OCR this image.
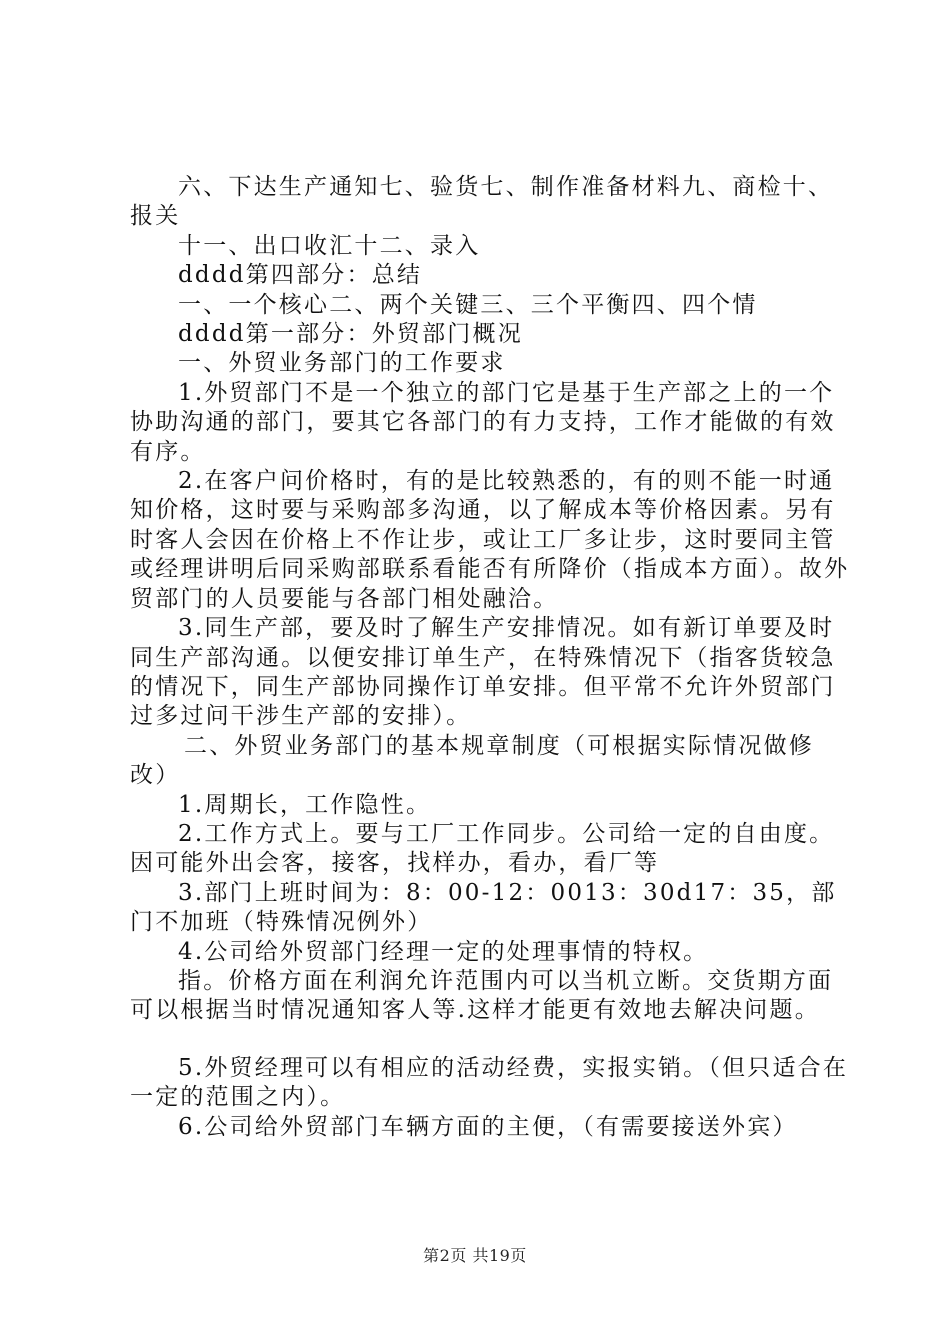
六、下达生产通知七、验货七、制作准备材料九、商检十、报关

十一、出口收汇十二、录入

dddd第四部分：总结

一、一个核心二、两个关键三、三个平衡四、四个情

dddd第一部分：外贸部门概况

一、外贸业务部门的工作要求

1.外贸部门不是一个独立的部门它是基于生产部之上的一个协助沟通的部门，要其它各部门的有力支持，工作才能做的有效有序。

2.在客户问价格时，有的是比较熟悉的，有的则不能一时通知价格，这时要与采购部多沟通，以了解成本等价格因素。另有时客人会因在价格上不作让步，或让工厂多让步，这时要同主管或经理讲明后同采购部联系看能否有所降价（指成本方面）。故外贸部门的人员要能与各部门相处融洽。

3.同生产部，要及时了解生产安排情况。如有新订单要及时同生产部沟通。以便安排订单生产，在特殊情况下（指客货较急的情况下，同生产部协同操作订单安排。但平常不允许外贸部门过多过问干涉生产部的安排）。

二、外贸业务部门的基本规章制度（可根据实际情况做修改）

1.周期长，工作隐性。

2.工作方式上。要与工厂工作同步。公司给一定的自由度。因可能外出会客，接客，找样办，看办，看厂等

3.部门上班时间为：8：00-12：0013：30d17：35，部门不加班（特殊情况例外）

4.公司给外贸部门经理一定的处理事情的特权。

指。价格方面在利润允许范围内可以当机立断。交货期方面可以根据当时情况通知客人等.这样才能更有效地去解决问题。

5.外贸经理可以有相应的活动经费，实报实销。（但只适合在一定的范围之内）。

6.公司给外贸部门车辆方面的主便，（有需要接送外宾）

第2页 共19页
